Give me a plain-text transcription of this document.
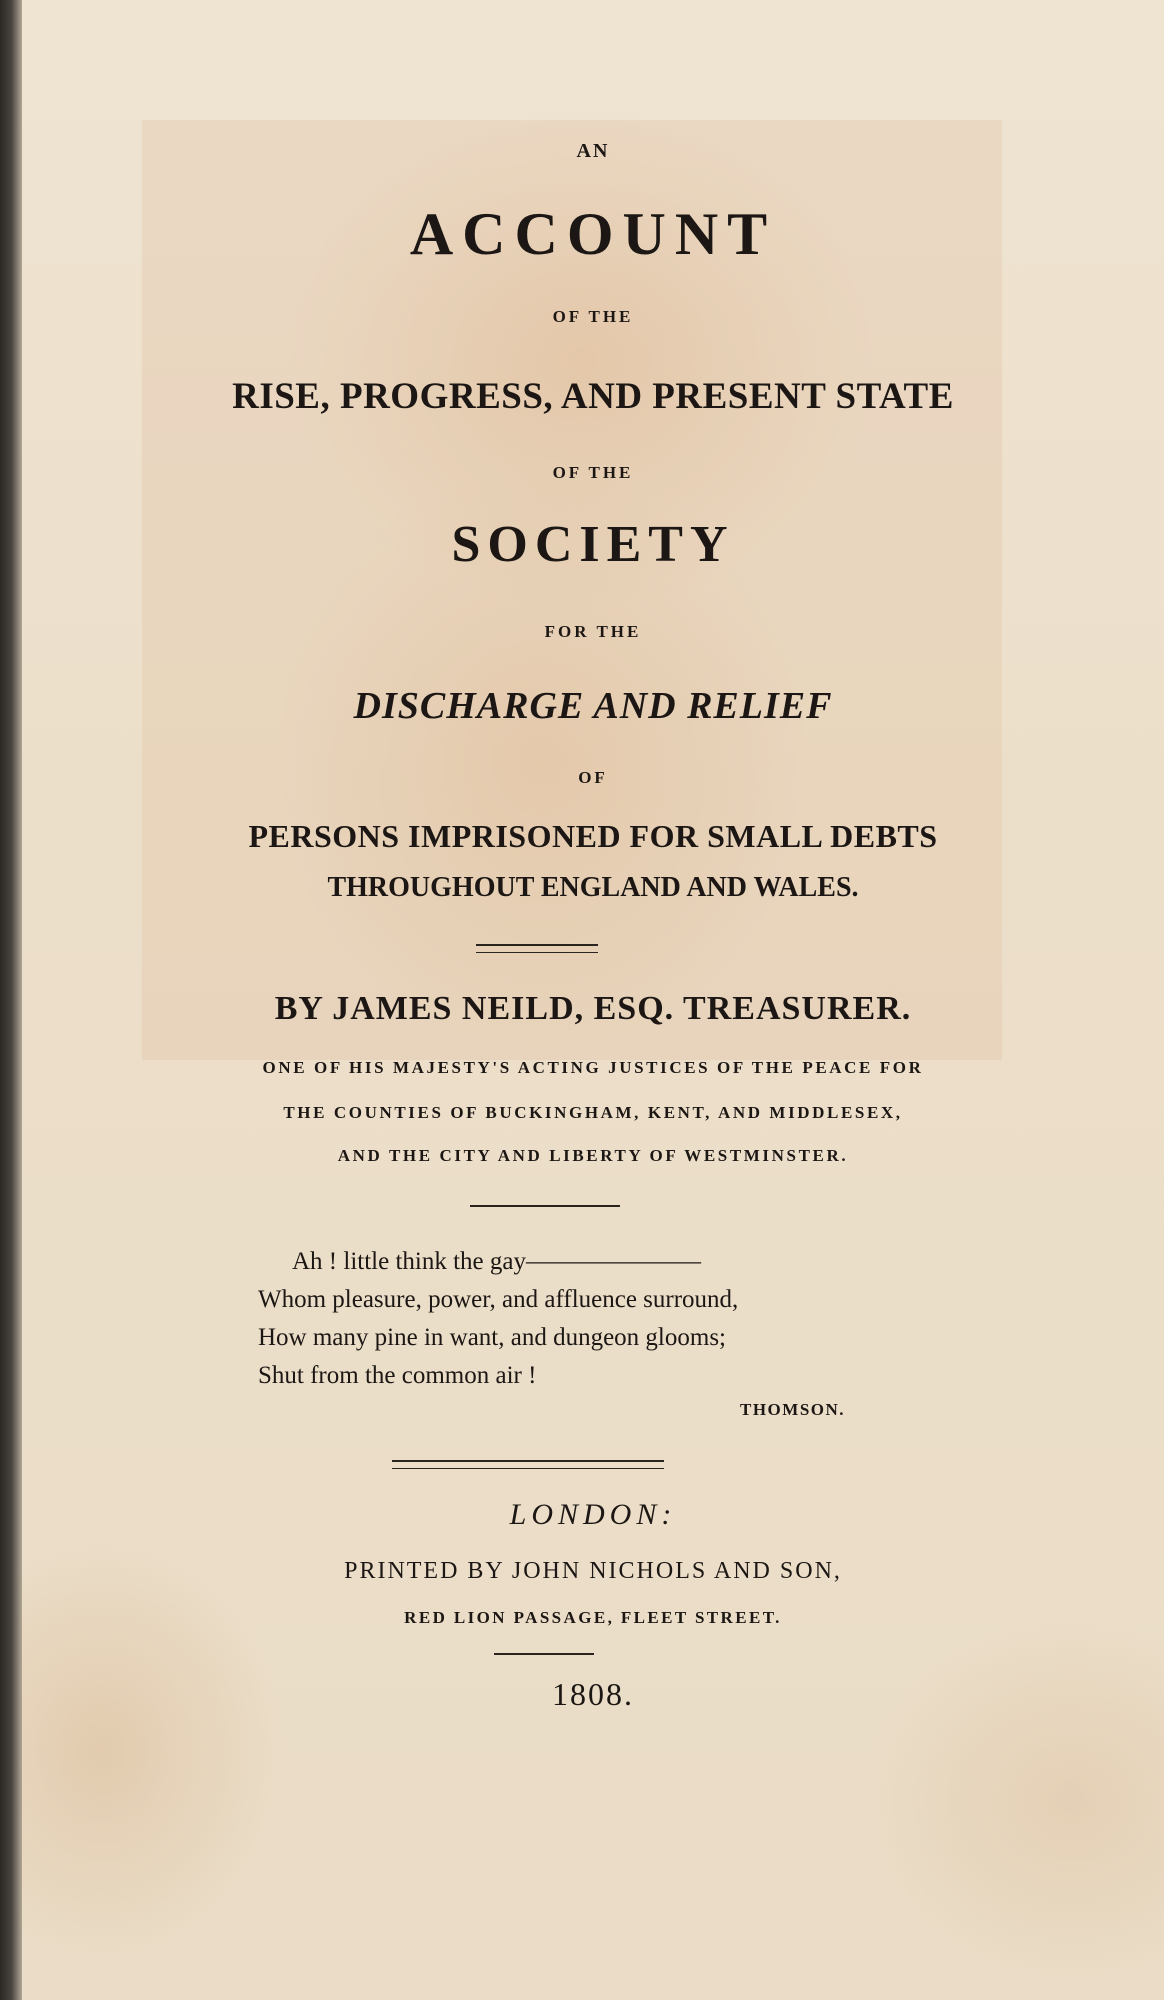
AN
ACCOUNT
OF THE
RISE, PROGRESS, AND PRESENT STATE
OF THE
SOCIETY
FOR THE
DISCHARGE AND RELIEF
OF
PERSONS IMPRISONED FOR SMALL DEBTS
THROUGHOUT ENGLAND AND WALES.
BY JAMES NEILD, ESQ. TREASURER.
ONE OF HIS MAJESTY'S ACTING JUSTICES OF THE PEACE FOR
THE COUNTIES OF BUCKINGHAM, KENT, AND MIDDLESEX,
AND THE CITY AND LIBERTY OF WESTMINSTER.
Ah ! little think the gay———————
Whom pleasure, power, and affluence surround,
How many pine in want, and dungeon glooms;
Shut from the common air !
THOMSON.
LONDON:
PRINTED BY JOHN NICHOLS AND SON,
RED LION PASSAGE, FLEET STREET.
1808.
